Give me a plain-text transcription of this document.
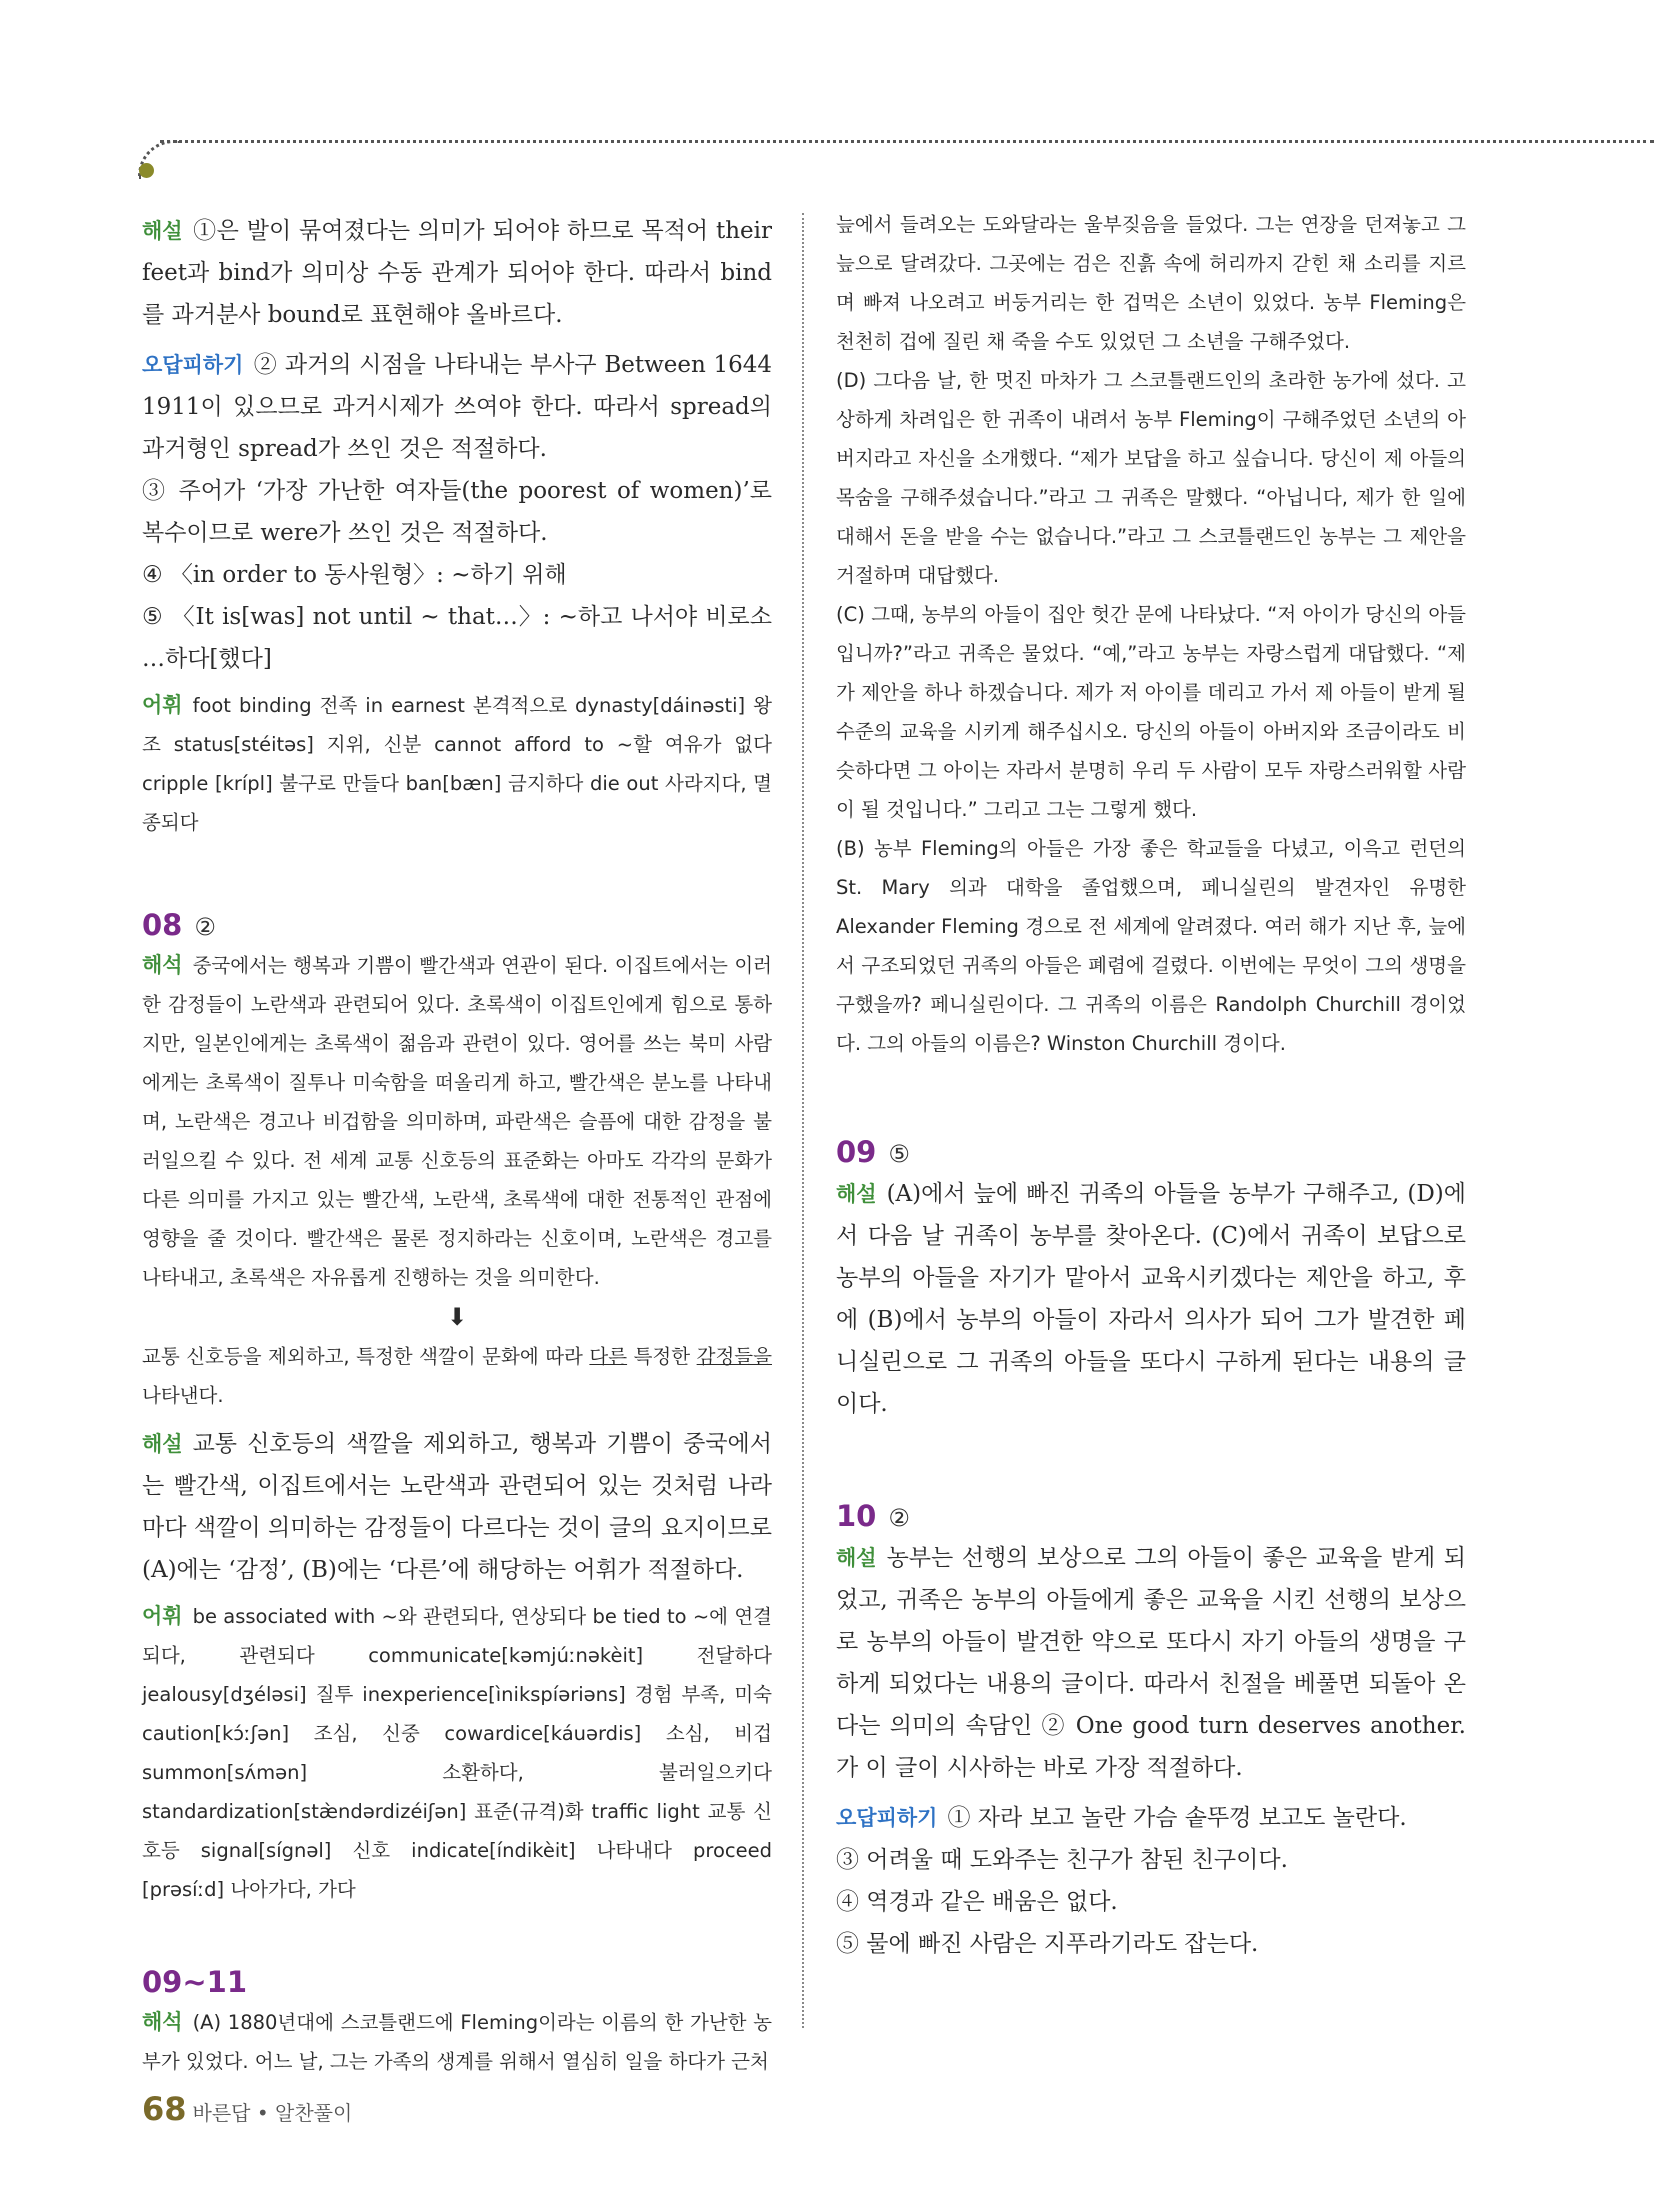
해설 ①은 발이 묶여졌다는 의미가 되어야 하므로 목적어 their feet과 bind가 의미상 수동 관계가 되어야 한다. 따라서 bind를 과거분사 bound로 표현해야 올바르다.

오답피하기 ② 과거의 시점을 나타내는 부사구 Between 1644 1911이 있으므로 과거시제가 쓰여야 한다. 따라서 spread의 과거형인 spread가 쓰인 것은 적절하다.

③ 주어가 ‘가장 가난한 여자들(the poorest of women)’로 복수이므로 were가 쓰인 것은 적절하다.

④ 〈in order to 동사원형〉: ~하기 위해

⑤ 〈It is[was] not until ~ that…〉: ~하고 나서야 비로소 …하다[했다]

어휘 foot binding 전족 in earnest 본격적으로 dynasty[dáinəsti] 왕조 status[stéitəs] 지위, 신분 cannot afford to ~할 여유가 없다 cripple [krípl] 불구로 만들다 ban[bæn] 금지하다 die out 사라지다, 멸종되다

08 ②

해석 중국에서는 행복과 기쁨이 빨간색과 연관이 된다. 이집트에서는 이러한 감정들이 노란색과 관련되어 있다. 초록색이 이집트인에게 힘으로 통하지만, 일본인에게는 초록색이 젊음과 관련이 있다. 영어를 쓰는 북미 사람에게는 초록색이 질투나 미숙함을 떠올리게 하고, 빨간색은 분노를 나타내며, 노란색은 경고나 비겁함을 의미하며, 파란색은 슬픔에 대한 감정을 불러일으킬 수 있다. 전 세계 교통 신호등의 표준화는 아마도 각각의 문화가 다른 의미를 가지고 있는 빨간색, 노란색, 초록색에 대한 전통적인 관점에 영향을 줄 것이다. 빨간색은 물론 정지하라는 신호이며, 노란색은 경고를 나타내고, 초록색은 자유롭게 진행하는 것을 의미한다.

⬇

교통 신호등을 제외하고, 특정한 색깔이 문화에 따라 다른 특정한 감정들을 나타낸다.

해설 교통 신호등의 색깔을 제외하고, 행복과 기쁨이 중국에서는 빨간색, 이집트에서는 노란색과 관련되어 있는 것처럼 나라마다 색깔이 의미하는 감정들이 다르다는 것이 글의 요지이므로 (A)에는 ‘감정’, (B)에는 ‘다른’에 해당하는 어휘가 적절하다.

어휘 be associated with ~와 관련되다, 연상되다 be tied to ~에 연결되다, 관련되다 communicate[kəmjúːnəkèit] 전달하다 jealousy[dʒéləsi] 질투 inexperience[ìnikspíəriəns] 경험 부족, 미숙 caution[kɔ́ːʃən] 조심, 신중 cowardice[káuərdis] 소심, 비겁 summon[sʌ́mən] 소환하다, 불러일으키다 standardization[stæ̀ndərdizéiʃən] 표준(규격)화 traffic light 교통 신호등 signal[sígnəl] 신호 indicate[índikèit] 나타내다 proceed [prəsíːd] 나아가다, 가다

09~11

해석 (A) 1880년대에 스코틀랜드에 Fleming이라는 이름의 한 가난한 농부가 있었다. 어느 날, 그는 가족의 생계를 위해서 열심히 일을 하다가 근처

늪에서 들려오는 도와달라는 울부짖음을 들었다. 그는 연장을 던져놓고 그 늪으로 달려갔다. 그곳에는 검은 진흙 속에 허리까지 갇힌 채 소리를 지르며 빠져 나오려고 버둥거리는 한 겁먹은 소년이 있었다. 농부 Fleming은 천천히 겁에 질린 채 죽을 수도 있었던 그 소년을 구해주었다.

(D) 그다음 날, 한 멋진 마차가 그 스코틀랜드인의 초라한 농가에 섰다. 고상하게 차려입은 한 귀족이 내려서 농부 Fleming이 구해주었던 소년의 아버지라고 자신을 소개했다. “제가 보답을 하고 싶습니다. 당신이 제 아들의 목숨을 구해주셨습니다.”라고 그 귀족은 말했다. “아닙니다, 제가 한 일에 대해서 돈을 받을 수는 없습니다.”라고 그 스코틀랜드인 농부는 그 제안을 거절하며 대답했다.

(C) 그때, 농부의 아들이 집안 헛간 문에 나타났다. “저 아이가 당신의 아들입니까?”라고 귀족은 물었다. “예,”라고 농부는 자랑스럽게 대답했다. “제가 제안을 하나 하겠습니다. 제가 저 아이를 데리고 가서 제 아들이 받게 될 수준의 교육을 시키게 해주십시오. 당신의 아들이 아버지와 조금이라도 비슷하다면 그 아이는 자라서 분명히 우리 두 사람이 모두 자랑스러워할 사람이 될 것입니다.” 그리고 그는 그렇게 했다.

(B) 농부 Fleming의 아들은 가장 좋은 학교들을 다녔고, 이윽고 런던의 St. Mary 의과 대학을 졸업했으며, 페니실린의 발견자인 유명한 Alexander Fleming 경으로 전 세계에 알려졌다. 여러 해가 지난 후, 늪에서 구조되었던 귀족의 아들은 폐렴에 걸렸다. 이번에는 무엇이 그의 생명을 구했을까? 페니실린이다. 그 귀족의 이름은 Randolph Churchill 경이었다. 그의 아들의 이름은? Winston Churchill 경이다.

09 ⑤

해설 (A)에서 늪에 빠진 귀족의 아들을 농부가 구해주고, (D)에서 다음 날 귀족이 농부를 찾아온다. (C)에서 귀족이 보답으로 농부의 아들을 자기가 맡아서 교육시키겠다는 제안을 하고, 후에 (B)에서 농부의 아들이 자라서 의사가 되어 그가 발견한 페니실린으로 그 귀족의 아들을 또다시 구하게 된다는 내용의 글이다.

10 ②

해설 농부는 선행의 보상으로 그의 아들이 좋은 교육을 받게 되었고, 귀족은 농부의 아들에게 좋은 교육을 시킨 선행의 보상으로 농부의 아들이 발견한 약으로 또다시 자기 아들의 생명을 구하게 되었다는 내용의 글이다. 따라서 친절을 베풀면 되돌아 온다는 의미의 속담인 ② One good turn deserves another.가 이 글이 시사하는 바로 가장 적절하다.

오답피하기 ① 자라 보고 놀란 가슴 솥뚜껑 보고도 놀란다.

③ 어려울 때 도와주는 친구가 참된 친구이다.

④ 역경과 같은 배움은 없다.

⑤ 물에 빠진 사람은 지푸라기라도 잡는다.

68 바른답 • 알찬풀이
